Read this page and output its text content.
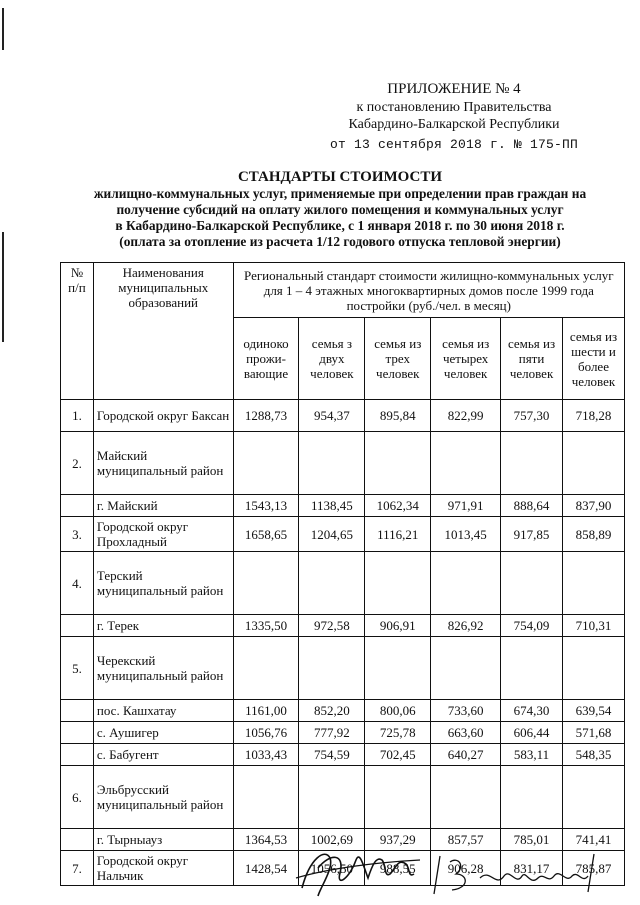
ПРИЛОЖЕНИЕ № 4
к постановлению Правительства
Кабардино-Балкарской Республики
от 13 сентября 2018 г. № 175-ПП
СТАНДАРТЫ СТОИМОСТИ
жилищно-коммунальных услуг, применяемые при определении прав граждан на
получение субсидий на оплату жилого помещения и коммунальных услуг
в Кабардино-Балкарской Республике, с 1 января 2018 г. по 30 июня 2018 г.
(оплата за отопление из расчета 1/12 годового отпуска тепловой энергии)
№ п/п	Наименования муниципальных образований	Региональный стандарт стоимости жилищно-коммунальных услуг для 1 – 4 этажных многоквартирных домов после 1999 года постройки (руб./чел. в месяц)					
		одиноко прожи-вающие	семья з двух человек	семья из трех человек	семья из четырех человек	семья из пяти человек	семья из шести и более человек
1.	Городской округ Баксан	1288,73	954,37	895,84	822,99	757,30	718,28
2.	Майский муниципальный район						
	г. Майский	1543,13	1138,45	1062,34	971,91	888,64	837,90
3.	Городской округ Прохладный	1658,65	1204,65	1116,21	1013,45	917,85	858,89
4.	Терский муниципальный район						
	г. Терек	1335,50	972,58	906,91	826,92	754,09	710,31
5.	Черекский муниципальный район						
	пос. Кашхатау	1161,00	852,20	800,06	733,60	674,30	639,54
	с. Аушигер	1056,76	777,92	725,78	663,60	606,44	571,68
	с. Бабугент	1033,43	754,59	702,45	640,27	583,11	548,35
6.	Эльбрусский муниципальный район						
	г. Тырныауз	1364,53	1002,69	937,29	857,57	785,01	741,41
7.	Городской округ Нальчик	1428,54	1056,50	988,55	906,28	831,17	785,87
